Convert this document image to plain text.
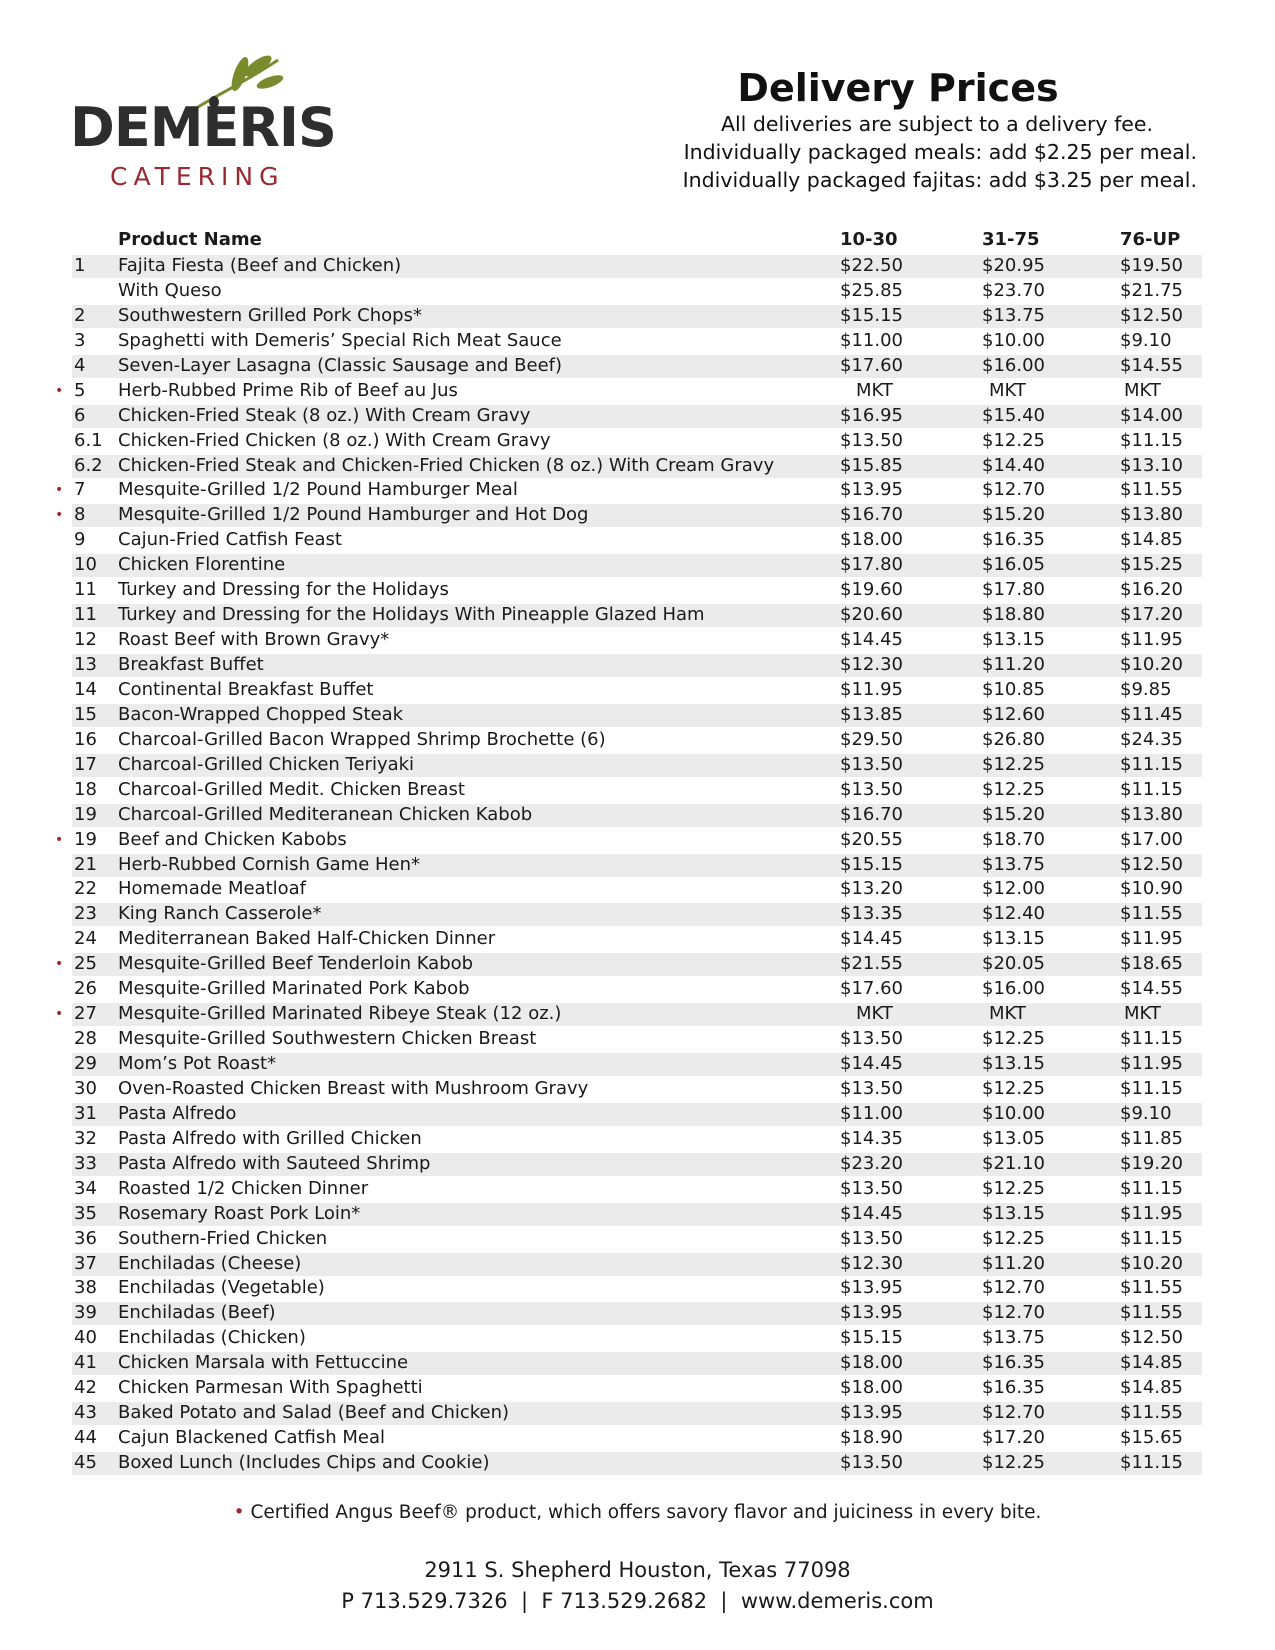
DEMERIS
CATERING
Delivery Prices
All deliveries are subject to a delivery fee.
Individually packaged meals: add $2.25 per meal.
Individually packaged fajitas: add $3.25 per meal.
Product Name	10-30	31-75	76-UP
1 Fajita Fiesta (Beef and Chicken)	$22.50	$20.95	$19.50
With Queso	$25.85	$23.70	$21.75
2 Southwestern Grilled Pork Chops*	$15.15	$13.75	$12.50
3 Spaghetti with Demeris’ Special Rich Meat Sauce	$11.00	$10.00	$9.10
4 Seven-Layer Lasagna (Classic Sausage and Beef)	$17.60	$16.00	$14.55
• 5 Herb-Rubbed Prime Rib of Beef au Jus	MKT	MKT	MKT
6 Chicken-Fried Steak (8 oz.) With Cream Gravy	$16.95	$15.40	$14.00
6.1 Chicken-Fried Chicken (8 oz.) With Cream Gravy	$13.50	$12.25	$11.15
6.2 Chicken-Fried Steak and Chicken-Fried Chicken (8 oz.) With Cream Gravy	$15.85	$14.40	$13.10
• 7 Mesquite-Grilled 1/2 Pound Hamburger Meal	$13.95	$12.70	$11.55
• 8 Mesquite-Grilled 1/2 Pound Hamburger and Hot Dog	$16.70	$15.20	$13.80
9 Cajun-Fried Catfish Feast	$18.00	$16.35	$14.85
10 Chicken Florentine	$17.80	$16.05	$15.25
11 Turkey and Dressing for the Holidays	$19.60	$17.80	$16.20
11 Turkey and Dressing for the Holidays With Pineapple Glazed Ham	$20.60	$18.80	$17.20
12 Roast Beef with Brown Gravy*	$14.45	$13.15	$11.95
13 Breakfast Buffet	$12.30	$11.20	$10.20
14 Continental Breakfast Buffet	$11.95	$10.85	$9.85
15 Bacon-Wrapped Chopped Steak	$13.85	$12.60	$11.45
16 Charcoal-Grilled Bacon Wrapped Shrimp Brochette (6)	$29.50	$26.80	$24.35
17 Charcoal-Grilled Chicken Teriyaki	$13.50	$12.25	$11.15
18 Charcoal-Grilled Medit. Chicken Breast	$13.50	$12.25	$11.15
19 Charcoal-Grilled Mediteranean Chicken Kabob	$16.70	$15.20	$13.80
• 19 Beef and Chicken Kabobs	$20.55	$18.70	$17.00
21 Herb-Rubbed Cornish Game Hen*	$15.15	$13.75	$12.50
22 Homemade Meatloaf	$13.20	$12.00	$10.90
23 King Ranch Casserole*	$13.35	$12.40	$11.55
24 Mediterranean Baked Half-Chicken Dinner	$14.45	$13.15	$11.95
• 25 Mesquite-Grilled Beef Tenderloin Kabob	$21.55	$20.05	$18.65
26 Mesquite-Grilled Marinated Pork Kabob	$17.60	$16.00	$14.55
• 27 Mesquite-Grilled Marinated Ribeye Steak (12 oz.)	MKT	MKT	MKT
28 Mesquite-Grilled Southwestern Chicken Breast	$13.50	$12.25	$11.15
29 Mom’s Pot Roast*	$14.45	$13.15	$11.95
30 Oven-Roasted Chicken Breast with Mushroom Gravy	$13.50	$12.25	$11.15
31 Pasta Alfredo	$11.00	$10.00	$9.10
32 Pasta Alfredo with Grilled Chicken	$14.35	$13.05	$11.85
33 Pasta Alfredo with Sauteed Shrimp	$23.20	$21.10	$19.20
34 Roasted 1/2 Chicken Dinner	$13.50	$12.25	$11.15
35 Rosemary Roast Pork Loin*	$14.45	$13.15	$11.95
36 Southern-Fried Chicken	$13.50	$12.25	$11.15
37 Enchiladas (Cheese)	$12.30	$11.20	$10.20
38 Enchiladas (Vegetable)	$13.95	$12.70	$11.55
39 Enchiladas (Beef)	$13.95	$12.70	$11.55
40 Enchiladas (Chicken)	$15.15	$13.75	$12.50
41 Chicken Marsala with Fettuccine	$18.00	$16.35	$14.85
42 Chicken Parmesan With Spaghetti	$18.00	$16.35	$14.85
43 Baked Potato and Salad (Beef and Chicken)	$13.95	$12.70	$11.55
44 Cajun Blackened Catfish Meal	$18.90	$17.20	$15.65
45 Boxed Lunch (Includes Chips and Cookie)	$13.50	$12.25	$11.15
• Certified Angus Beef® product, which offers savory flavor and juiciness in every bite.
2911 S. Shepherd Houston, Texas 77098
P 713.529.7326  |  F 713.529.2682  |  www.demeris.com
